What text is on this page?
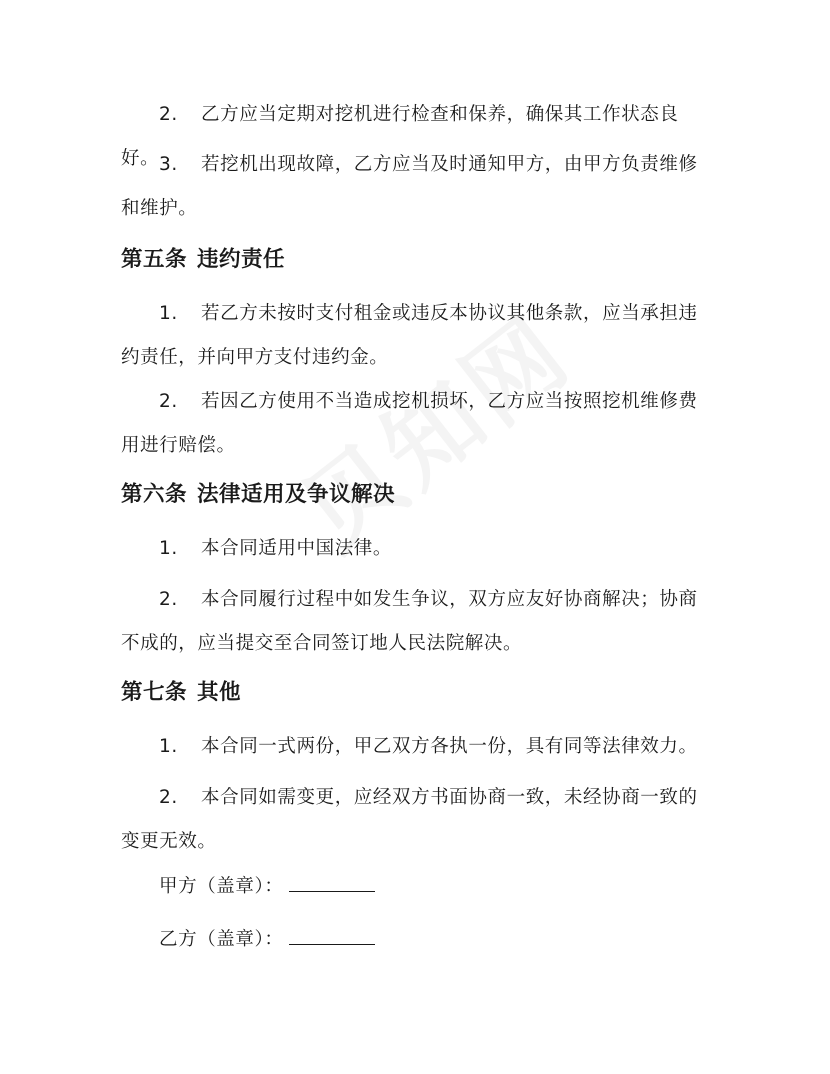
2. 乙方应当定期对挖机进行检查和保养，确保其工作状态良好。 3. 若挖机出现故障，乙方应当及时通知甲方，由甲方负责维修和维护。

第五条 违约责任

1. 若乙方未按时支付租金或违反本协议其他条款，应当承担违约责任，并向甲方支付违约金。

2. 若因乙方使用不当造成挖机损坏，乙方应当按照挖机维修费用进行赔偿。

第六条 法律适用及争议解决

1. 本合同适用中国法律。

2. 本合同履行过程中如发生争议，双方应友好协商解决；协商不成的，应当提交至合同签订地人民法院解决。

第七条 其他

1. 本合同一式两份，甲乙双方各执一份，具有同等法律效力。

2. 本合同如需变更，应经双方书面协商一致，未经协商一致的变更无效。

甲方（盖章）：

乙方（盖章）：
